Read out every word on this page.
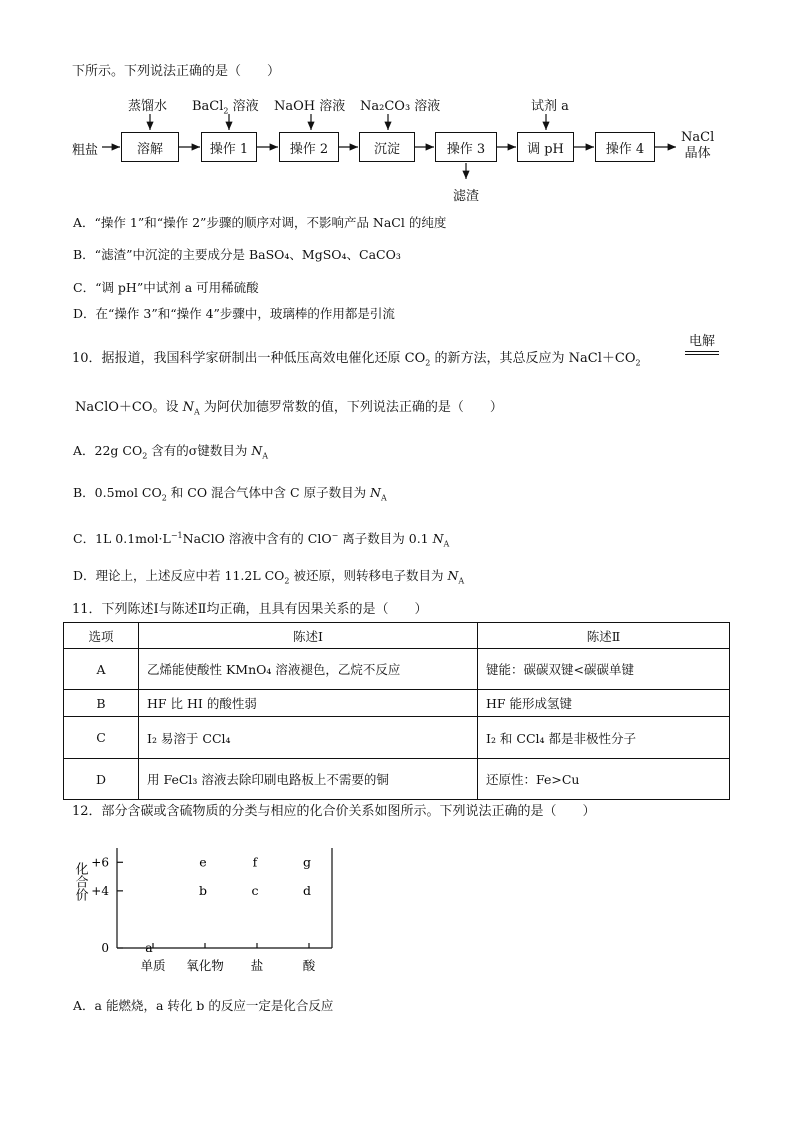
下所示。下列说法正确的是（　　）
粗盐	溶解	操作 1	操作 2	沉淀	操作 3	调 pH	操作 4
蒸馏水 BaCl$_2$ 溶液 NaOH 溶液 Na₂CO₃ 溶液	试剂 a
NaCl
晶体
滤渣
A．“操作 1”和“操作 2”步骤的顺序对调，不影响产品 NaCl 的纯度
B．“滤渣”中沉淀的主要成分是 BaSO₄、MgSO₄、CaCO₃
C．“调 pH”中试剂 a 可用稀硫酸
D．在“操作 3”和“操作 4”步骤中，玻璃棒的作用都是引流
10．据报道，我国科学家研制出一种低压高效电催化还原 $CO_2$ 的新方法，其总反应为 $NaCl+CO_2$
电解
NaClO＋CO。设 $N_A$ 为阿伏加德罗常数的值，下列说法正确的是（　　）
A．22g $CO_2$ 含有的σ键数目为 $N_A$
B．0.5mol $CO_2$ 和 CO 混合气体中含 C 原子数目为 $N_A$
C．1L $0.1mol\cdot L^{-1}NaClO$ 溶液中含有的 ClO− 离子数目为 0.1 $N_A$
D．理论上，上述反应中若 11.2L $CO_2$ 被还原，则转移电子数目为 $N_A$
11．下列陈述Ⅰ与陈述Ⅱ均正确，且具有因果关系的是（　　）
选项	陈述Ⅰ	陈述Ⅱ
A	乙烯能使酸性 KMnO₄ 溶液褪色，乙烷不反应	键能：碳碳双键<碳碳单键
B	HF 比 HI 的酸性弱	HF 能形成氢键
C	I₂ 易溶于 CCl₄	I₂ 和 CCl₄ 都是非极性分子
D	用 FeCl₃ 溶液去除印刷电路板上不需要的铜	还原性：Fe>Cu
12．部分含碳或含硫物质的分类与相应的化合价关系如图所示。下列说法正确的是（　　）
化合价
0
+4
+6
单质 氧化物 盐	酸
a
b	c	d
e	f	g
A．a 能燃烧，a 转化 b 的反应一定是化合反应
